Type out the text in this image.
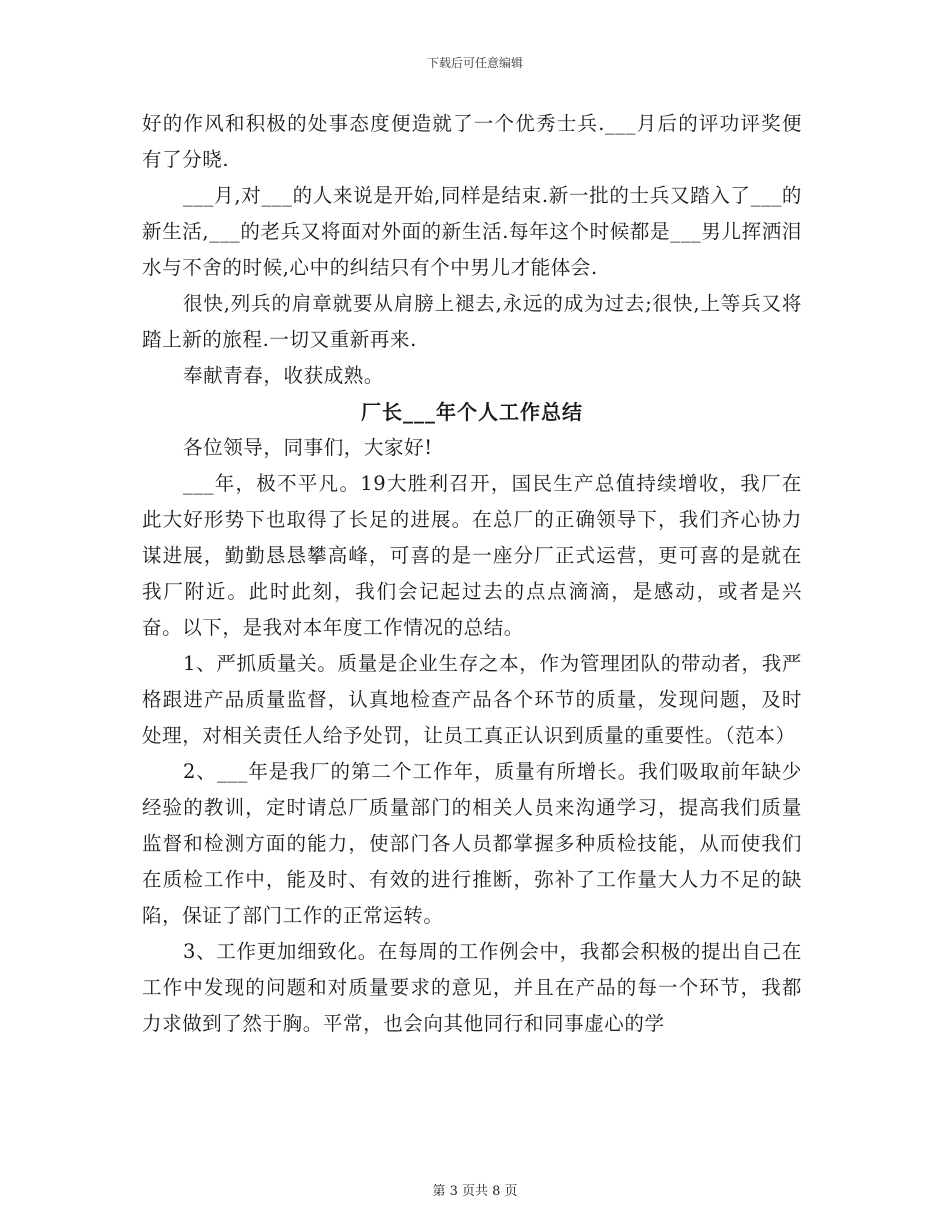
下载后可任意编辑

好的作风和积极的处事态度便造就了一个优秀士兵.___月后的评功评奖便有了分晓.

___月,对___的人来说是开始,同样是结束.新一批的士兵又踏入了___的新生活,___的老兵又将面对外面的新生活.每年这个时候都是___男儿挥洒泪水与不舍的时候,心中的纠结只有个中男儿才能体会.

很快,列兵的肩章就要从肩膀上褪去,永远的成为过去;很快,上等兵又将踏上新的旅程.一切又重新再来.

奉献青春，收获成熟。

厂长___年个人工作总结

各位领导，同事们，大家好!

___年，极不平凡。19大胜利召开，国民生产总值持续增收，我厂在此大好形势下也取得了长足的进展。在总厂的正确领导下，我们齐心协力谋进展，勤勤恳恳攀高峰，可喜的是一座分厂正式运营，更可喜的是就在我厂附近。此时此刻，我们会记起过去的点点滴滴，是感动，或者是兴奋。以下，是我对本年度工作情况的总结。

1、严抓质量关。质量是企业生存之本，作为管理团队的带动者，我严格跟进产品质量监督，认真地检查产品各个环节的质量，发现问题，及时处理，对相关责任人给予处罚，让员工真正认识到质量的重要性。（范本）

2、___年是我厂的第二个工作年，质量有所增长。我们吸取前年缺少经验的教训，定时请总厂质量部门的相关人员来沟通学习，提高我们质量监督和检测方面的能力，使部门各人员都掌握多种质检技能，从而使我们在质检工作中，能及时、有效的进行推断，弥补了工作量大人力不足的缺陷，保证了部门工作的正常运转。

3、工作更加细致化。在每周的工作例会中，我都会积极的提出自己在工作中发现的问题和对质量要求的意见，并且在产品的每一个环节，我都力求做到了然于胸。平常，也会向其他同行和同事虚心的学

第 3 页共 8 页
